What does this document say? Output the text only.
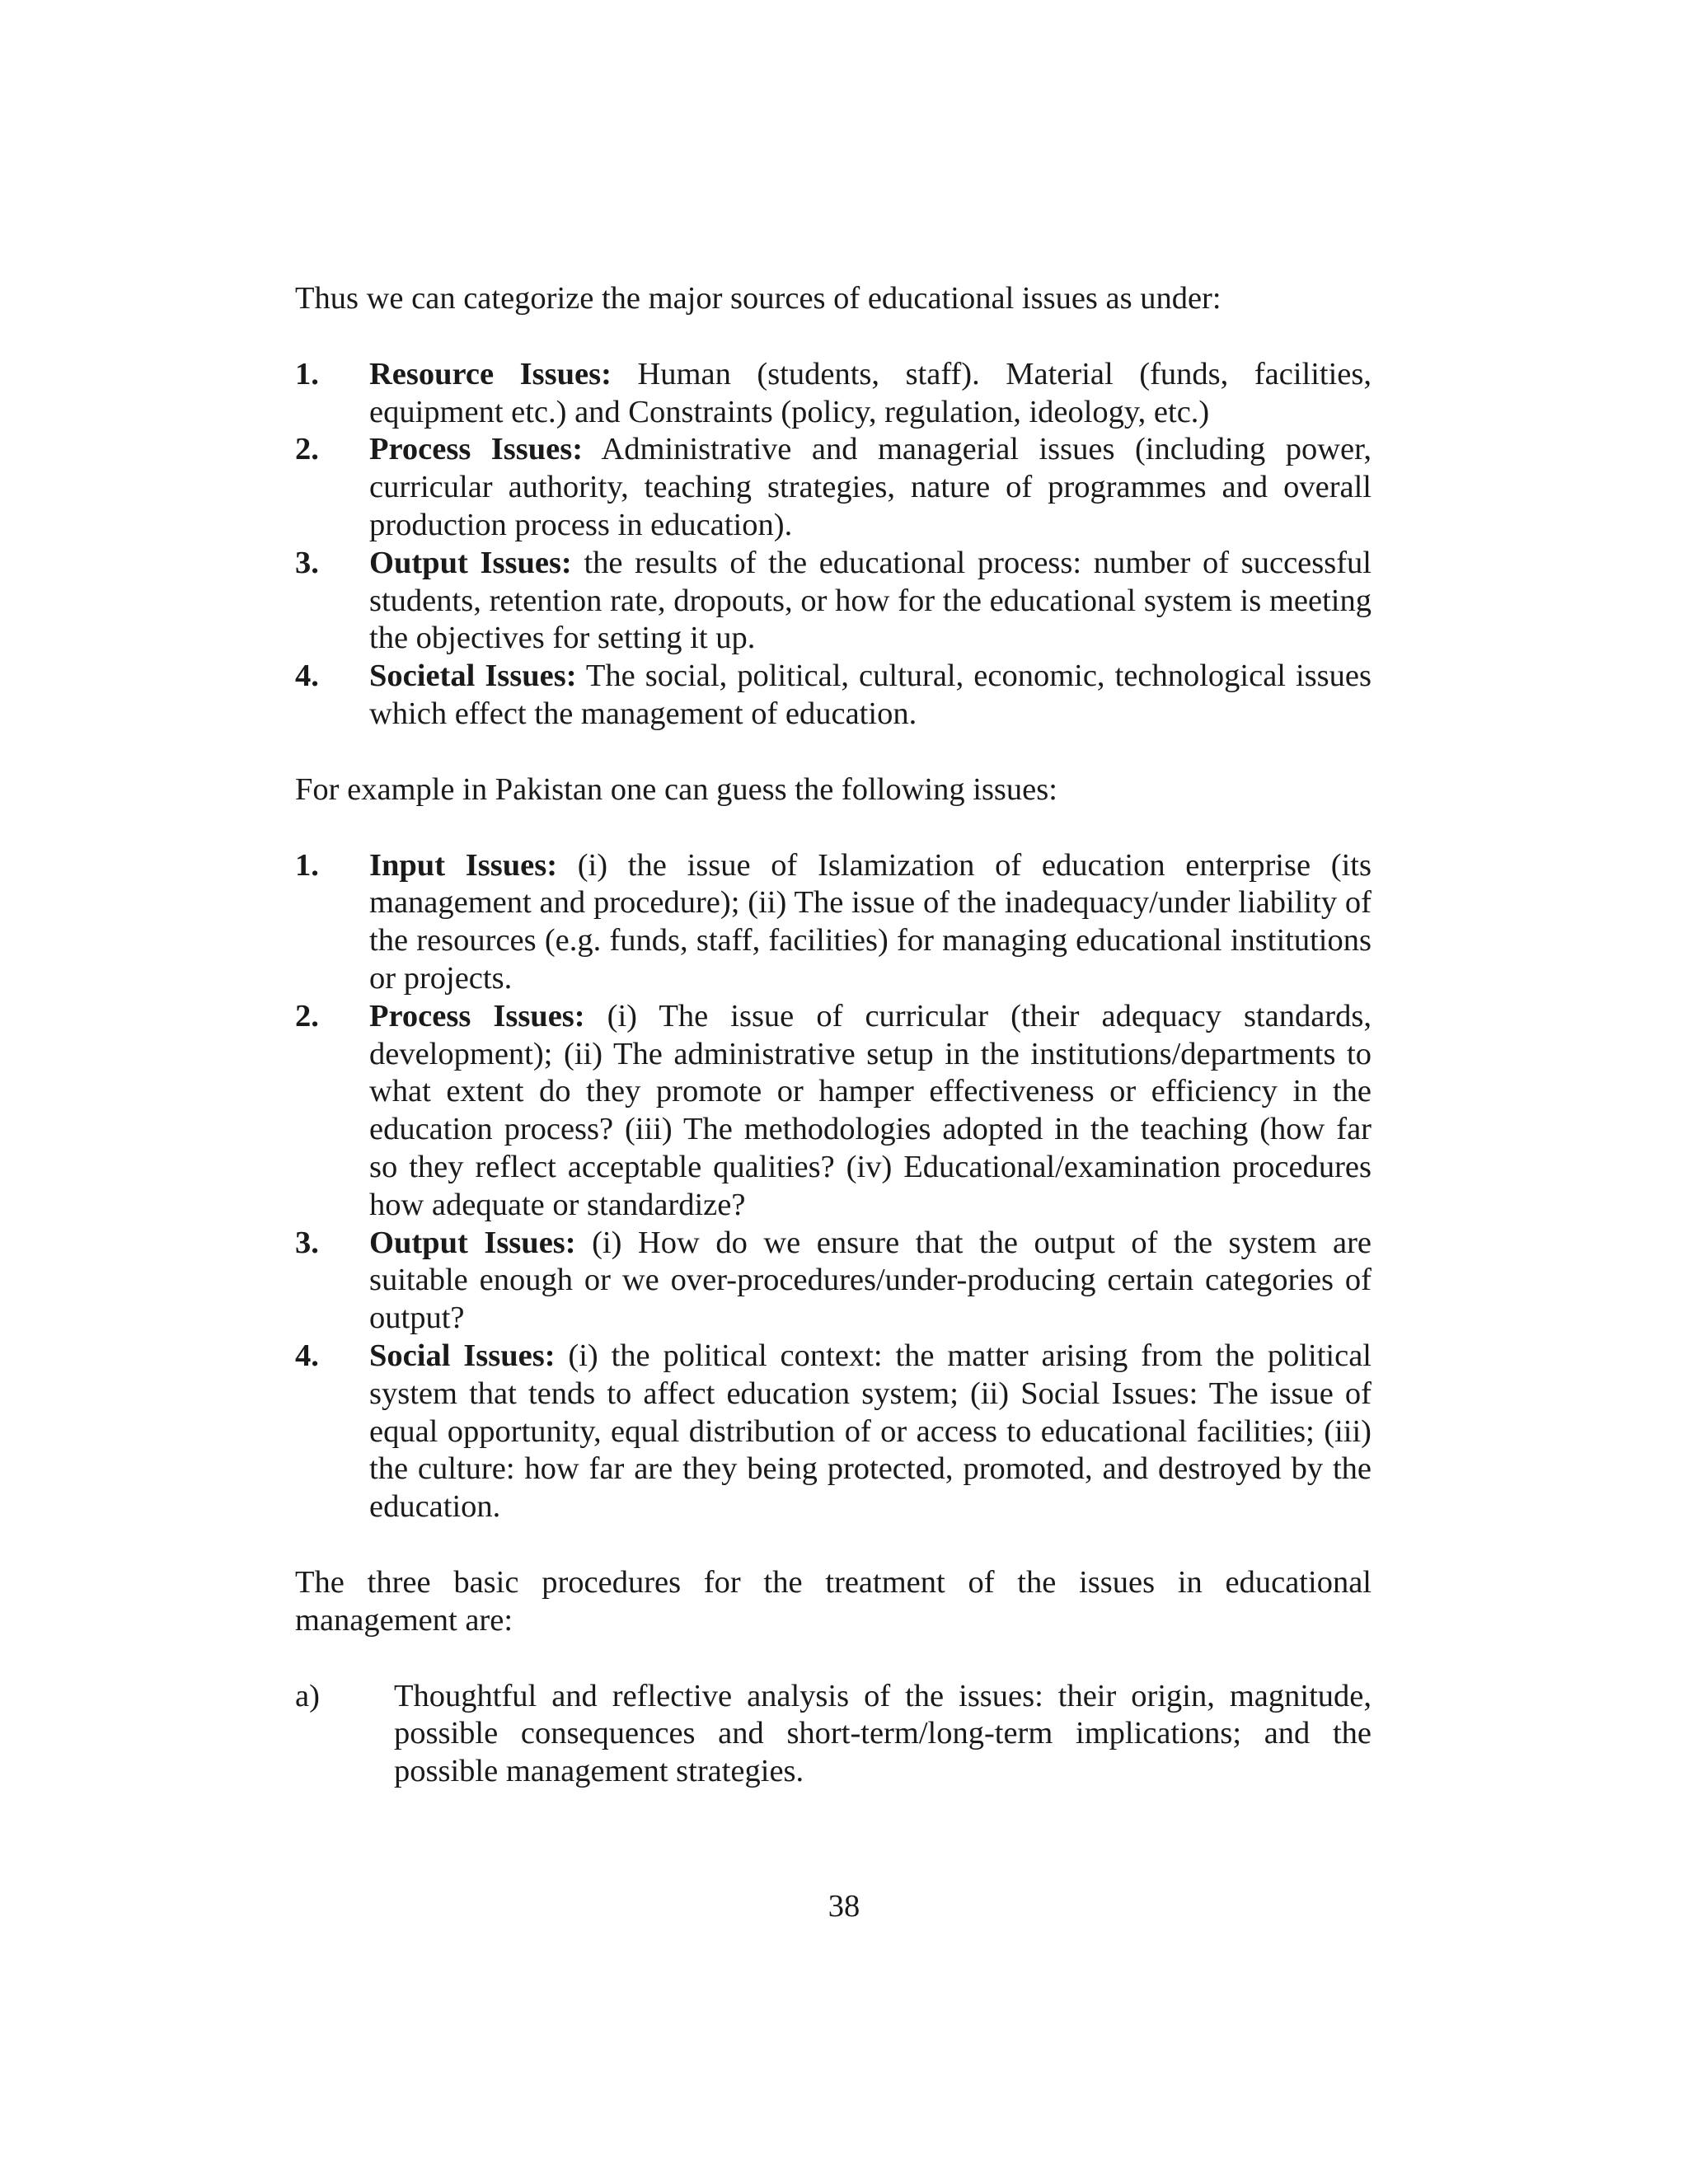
Thus we can categorize the major sources of educational issues as under:

1. Resource Issues: Human (students, staff). Material (funds, facilities, equipment etc.) and Constraints (policy, regulation, ideology, etc.)
2. Process Issues: Administrative and managerial issues (including power, curricular authority, teaching strategies, nature of programmes and overall production process in education).
3. Output Issues: the results of the educational process: number of successful students, retention rate, dropouts, or how for the educational system is meeting the objectives for setting it up.
4. Societal Issues: The social, political, cultural, economic, technological issues which effect the management of education.

For example in Pakistan one can guess the following issues:

1. Input Issues: (i) the issue of Islamization of education enterprise (its management and procedure); (ii) The issue of the inadequacy/under liability of the resources (e.g. funds, staff, facilities) for managing educational institutions or projects.
2. Process Issues: (i) The issue of curricular (their adequacy standards, development); (ii) The administrative setup in the institutions/departments to what extent do they promote or hamper effectiveness or efficiency in the education process? (iii) The methodologies adopted in the teaching (how far so they reflect acceptable qualities? (iv) Educational/examination procedures how adequate or standardize?
3. Output Issues: (i) How do we ensure that the output of the system are suitable enough or we over-procedures/under-producing certain categories of output?
4. Social Issues: (i) the political context: the matter arising from the political system that tends to affect education system; (ii) Social Issues: The issue of equal opportunity, equal distribution of or access to educational facilities; (iii) the culture: how far are they being protected, promoted, and destroyed by the education.

The three basic procedures for the treatment of the issues in educational management are:

a) Thoughtful and reflective analysis of the issues: their origin, magnitude, possible consequences and short-term/long-term implications; and the possible management strategies.
38
